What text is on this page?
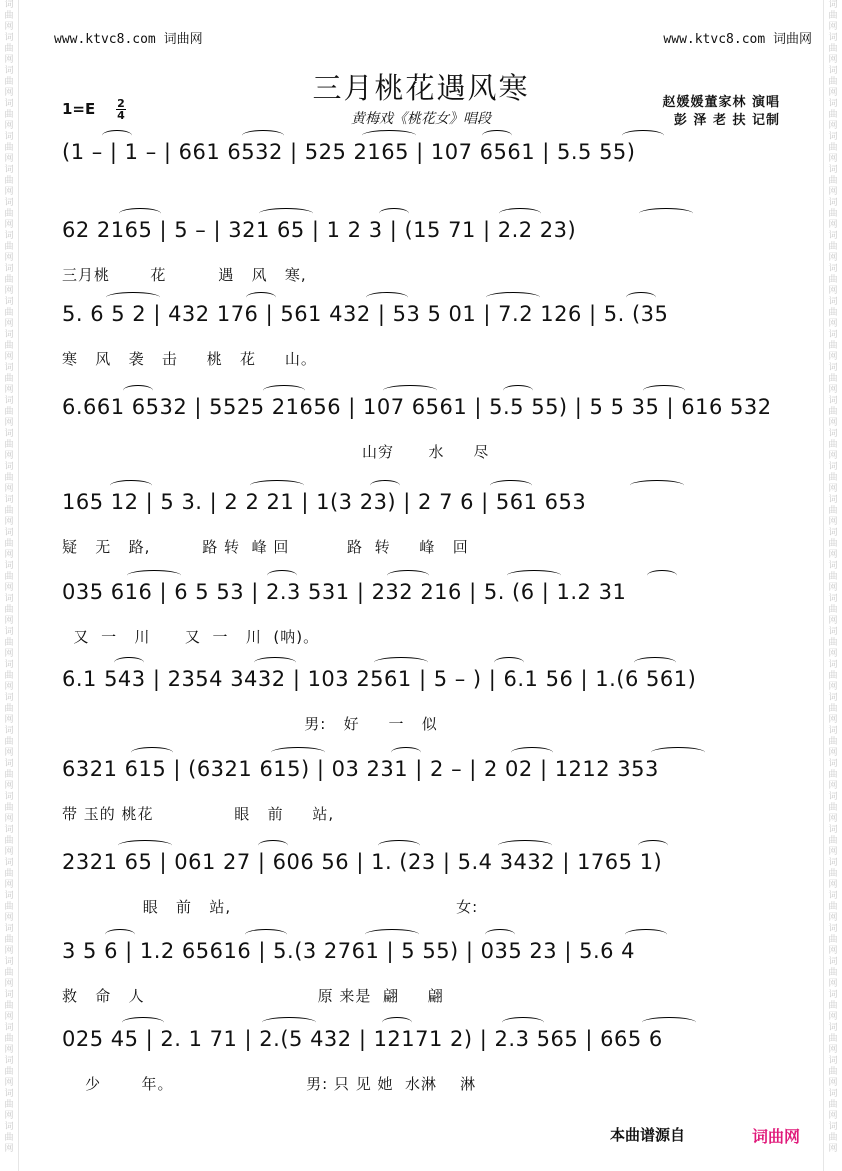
词
曲
网
词
曲
网
词
曲
网
词
曲
网
词
曲
网
词
曲
网
词
曲
网
词
曲
网
词
曲
网
词
曲
网
词
曲
网
词
曲
网
词
曲
网
词
曲
网
词
曲
网
词
曲
网
词
曲
网
词
曲
网
词
曲
网
词
曲
网
词
曲
网
词
曲
网
词
曲
网
词
曲
网
词
曲
网
词
曲
网
词
曲
网
词
曲
网
词
曲
网
词
曲
网
词
曲
网
词
曲
网
词
曲
网
词
曲
网
词
曲
网
词
曲
网
词
曲
网
词
曲
网
词
曲
网
词
曲
网
词
曲
网
词
曲
网
词
曲
网
词
曲
网
词
曲
网
词
曲
网
词
曲
网
词
曲
网
词
曲
网
词
曲
网
词
曲
网
词
曲
网
词
曲
网
词
曲
网
词
曲
网
词
曲
网
词
曲
网
词
曲
网
词
曲
网
词
曲
网
词
曲
网
词
曲
网
词
曲
网
词
曲
网
词
曲
网
词
曲
网
词
曲
网
词
曲
网
词
曲
网
词
曲
网
www.ktvc8.com 词曲网	www.ktvc8.com 词曲网
三月桃花遇风寒
黄梅戏《桃花女》唱段
1=E 2
4
赵媛媛董家林 演唱
彭 泽 老 扶 记制
(1 – | 1 – | 661 6532 | 525 2165 | 107 6561 | 5.5 55)
62 2165 | 5 – | 321 65 | 1 2 3 | (15 71 | 2.2 23)
三月桃       花         遇   风   寒,
5. 6 5 2 | 432 176 | 561 432 | 53 5 01 | 7.2 126 | 5. (35
寒   风   袭   击     桃   花     山。
6.661 6532 | 5525 21656 | 107 6561 | 5.5 55) | 5 5 35 | 616 532
山穷      水     尽
165 12 | 5 3. | 2 2 21 | 1(3 23) | 2 7 6 | 561 653
疑   无   路,         路 转  峰 回          路  转     峰   回
035 616 | 6 5 53 | 2.3 531 | 232 216 | 5. (6 | 1.2 31
又  一   川      又  一   川  (呐)。
6.1 543 | 2354 3432 | 103 2561 | 5 – ) | 6.1 56 | 1.(6 561)
男:   好     一   似
6321 615 | (6321 615) | 03 231 | 2 – | 2 02 | 1212 353
带 玉的 桃花              眼   前     站,
2321 65 | 061 27 | 606 56 | 1. (23 | 5.4 3432 | 1765 1)
眼   前   站,                                       女:
3 5 6 | 1.2 65616 | 5.(3 2761 | 5 55) | 035 23 | 5.6 4
救   命   人                              原 来是  翩     翩
025 45 | 2. 1 71 | 2.(5 432 | 12171 2) | 2.3 565 | 665 6
少       年。                       男: 只 见 她  水淋    淋
本曲谱源自	词曲网
